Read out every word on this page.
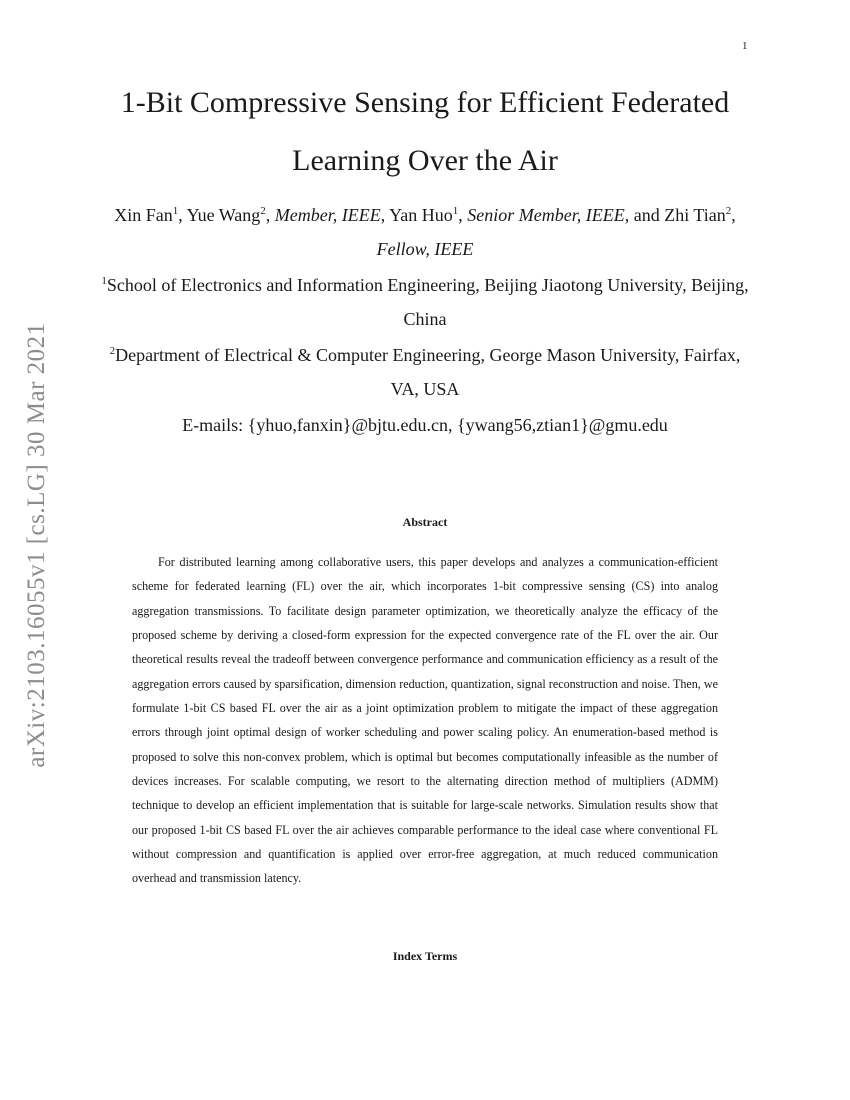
1
arXiv:2103.16055v1 [cs.LG] 30 Mar 2021
1-Bit Compressive Sensing for Efficient Federated Learning Over the Air
Xin Fan$^1$, Yue Wang$^2$, Member, IEEE, Yan Huo$^1$, Senior Member, IEEE, and Zhi Tian$^2$, Fellow, IEEE
$^1$School of Electronics and Information Engineering, Beijing Jiaotong University, Beijing, China
$^2$Department of Electrical & Computer Engineering, George Mason University, Fairfax, VA, USA
E-mails: {yhuo,fanxin}@bjtu.edu.cn, {ywang56,ztian1}@gmu.edu
Abstract

For distributed learning among collaborative users, this paper develops and analyzes a communication-efficient scheme for federated learning (FL) over the air, which incorporates 1-bit compressive sensing (CS) into analog aggregation transmissions. To facilitate design parameter optimization, we theoretically analyze the efficacy of the proposed scheme by deriving a closed-form expression for the expected convergence rate of the FL over the air. Our theoretical results reveal the tradeoff between convergence performance and communication efficiency as a result of the aggregation errors caused by sparsification, dimension reduction, quantization, signal reconstruction and noise. Then, we formulate 1-bit CS based FL over the air as a joint optimization problem to mitigate the impact of these aggregation errors through joint optimal design of worker scheduling and power scaling policy. An enumeration-based method is proposed to solve this non-convex problem, which is optimal but becomes computationally infeasible as the number of devices increases. For scalable computing, we resort to the alternating direction method of multipliers (ADMM) technique to develop an efficient implementation that is suitable for large-scale networks. Simulation results show that our proposed 1-bit CS based FL over the air achieves comparable performance to the ideal case where conventional FL without compression and quantification is applied over error-free aggregation, at much reduced communication overhead and transmission latency.

Index Terms
